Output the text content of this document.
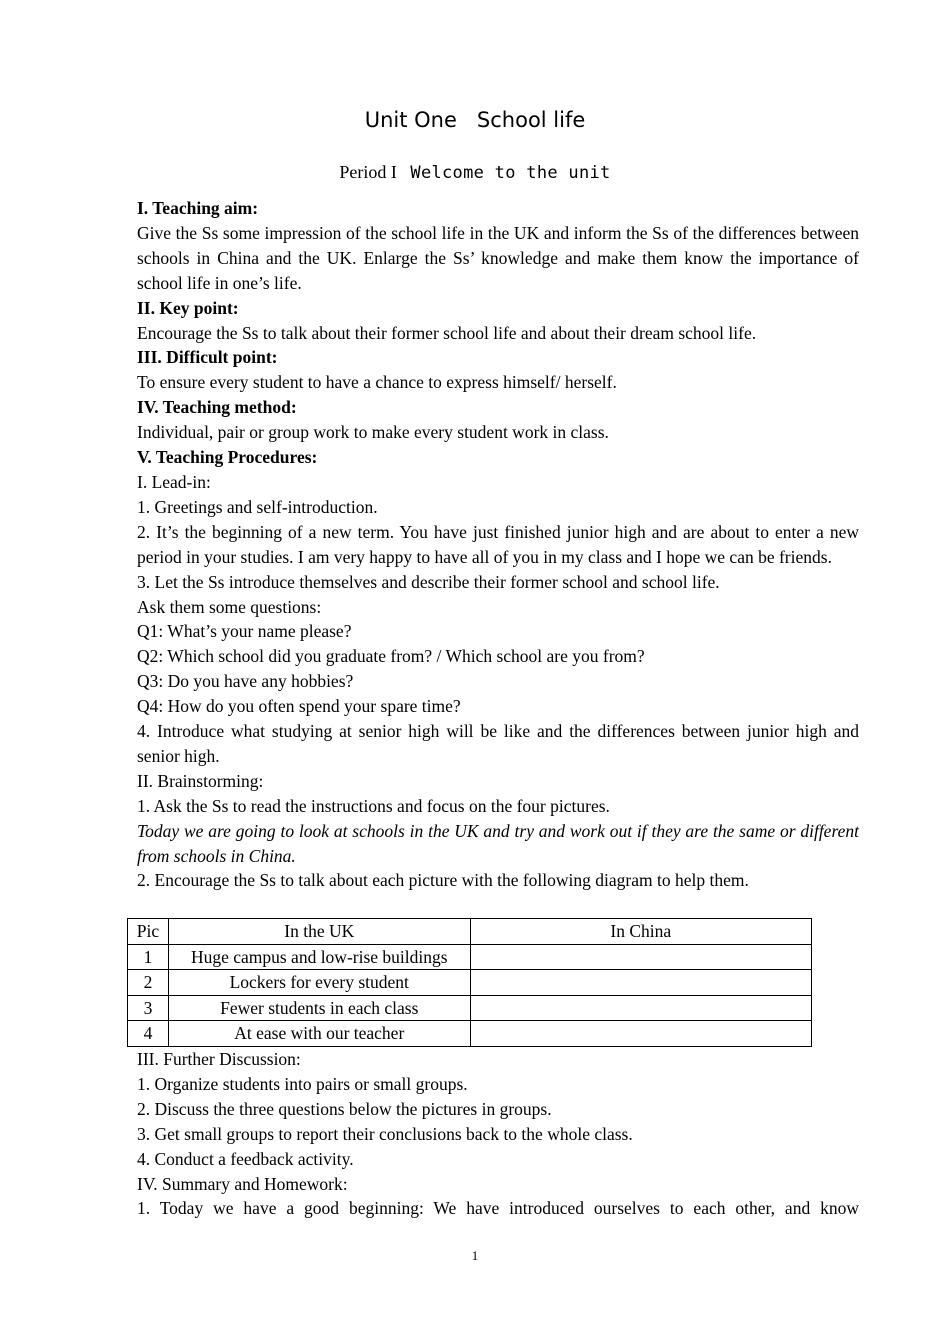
Unit One   School life
Period I Welcome to the unit
I. Teaching aim:
Give the Ss some impression of the school life in the UK and inform the Ss of the differences between schools in China and the UK. Enlarge the Ss’ knowledge and make them know the importance of school life in one’s life.
II. Key point:
Encourage the Ss to talk about their former school life and about their dream school life.
III. Difficult point:
To ensure every student to have a chance to express himself/ herself.
IV. Teaching method:
Individual, pair or group work to make every student work in class.
V. Teaching Procedures:
I. Lead-in:
1. Greetings and self-introduction.
2. It’s the beginning of a new term. You have just finished junior high and are about to enter a new period in your studies. I am very happy to have all of you in my class and I hope we can be friends.
3. Let the Ss introduce themselves and describe their former school and school life.
Ask them some questions:
Q1: What’s your name please?
Q2: Which school did you graduate from? / Which school are you from?
Q3: Do you have any hobbies?
Q4: How do you often spend your spare time?
4. Introduce what studying at senior high will be like and the differences between junior high and senior high.
II. Brainstorming:
1. Ask the Ss to read the instructions and focus on the four pictures.
Today we are going to look at schools in the UK and try and work out if they are the same or different from schools in China.
2. Encourage the Ss to talk about each picture with the following diagram to help them.
Pic	In the UK	In China
1	Huge campus and low-rise buildings	
2	Lockers for every student	
3	Fewer students in each class	
4	At ease with our teacher	
III. Further Discussion:
1. Organize students into pairs or small groups.
2. Discuss the three questions below the pictures in groups.
3. Get small groups to report their conclusions back to the whole class.
4. Conduct a feedback activity.
IV. Summary and Homework:
1. Today we have a good beginning: We have introduced ourselves to each other, and know
1
